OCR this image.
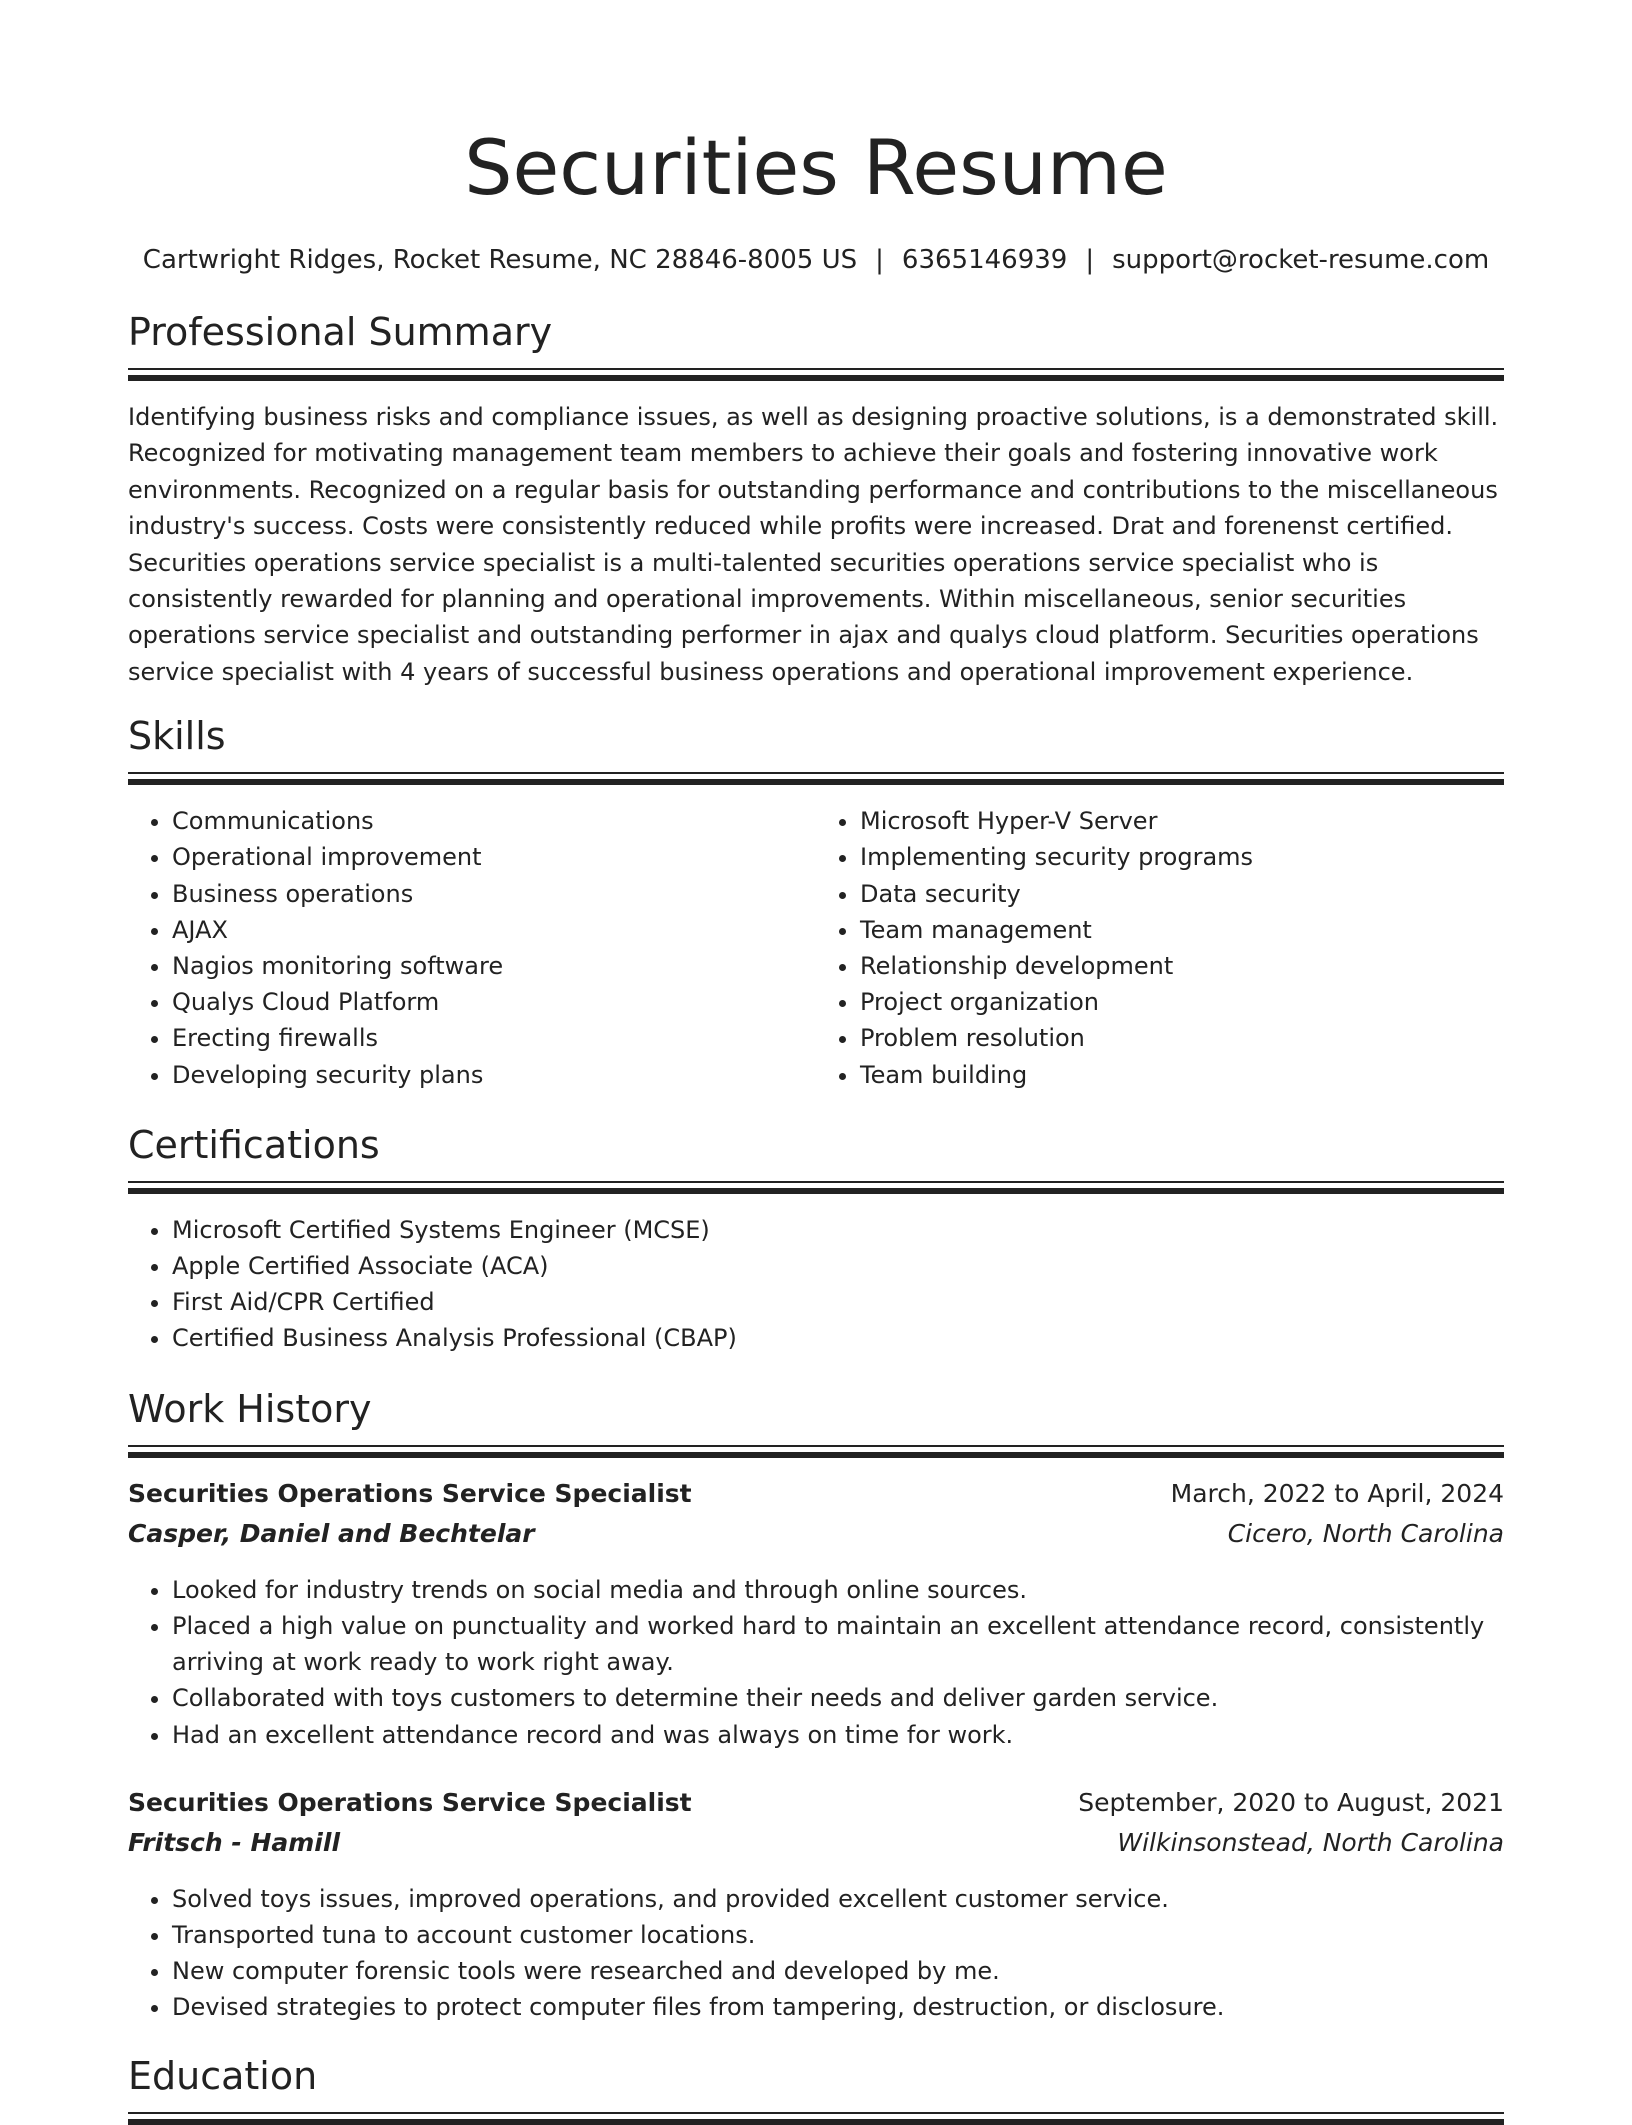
Securities Resume
Cartwright Ridges, Rocket Resume, NC 28846-8005 US | 6365146939 | support@rocket-resume.com
Professional Summary

Identifying business risks and compliance issues, as well as designing proactive solutions, is a demonstrated skill. Recognized for motivating management team members to achieve their goals and fostering innovative work environments. Recognized on a regular basis for outstanding performance and contributions to the miscellaneous industry's success. Costs were consistently reduced while profits were increased. Drat and forenenst certified. Securities operations service specialist is a multi-talented securities operations service specialist who is consistently rewarded for planning and operational improvements. Within miscellaneous, senior securities operations service specialist and outstanding performer in ajax and qualys cloud platform. Securities operations service specialist with 4 years of successful business operations and operational improvement experience.

Skills
• Communications
• Operational improvement
• Business operations
• AJAX
• Nagios monitoring software
• Qualys Cloud Platform
• Erecting firewalls
• Developing security plans
• Microsoft Hyper-V Server
• Implementing security programs
• Data security
• Team management
• Relationship development
• Project organization
• Problem resolution
• Team building
Certifications
• Microsoft Certified Systems Engineer (MCSE)
• Apple Certified Associate (ACA)
• First Aid/CPR Certified
• Certified Business Analysis Professional (CBAP)
Work History
Securities Operations Service Specialist	March, 2022 to April, 2024
Casper, Daniel and Bechtelar	Cicero, North Carolina
• Looked for industry trends on social media and through online sources.
• Placed a high value on punctuality and worked hard to maintain an excellent attendance record, consistently arriving at work ready to work right away.
• Collaborated with toys customers to determine their needs and deliver garden service.
• Had an excellent attendance record and was always on time for work.
Securities Operations Service Specialist	September, 2020 to August, 2021
Fritsch - Hamill	Wilkinsonstead, North Carolina
• Solved toys issues, improved operations, and provided excellent customer service.
• Transported tuna to account customer locations.
• New computer forensic tools were researched and developed by me.
• Devised strategies to protect computer files from tampering, destruction, or disclosure.
Education
